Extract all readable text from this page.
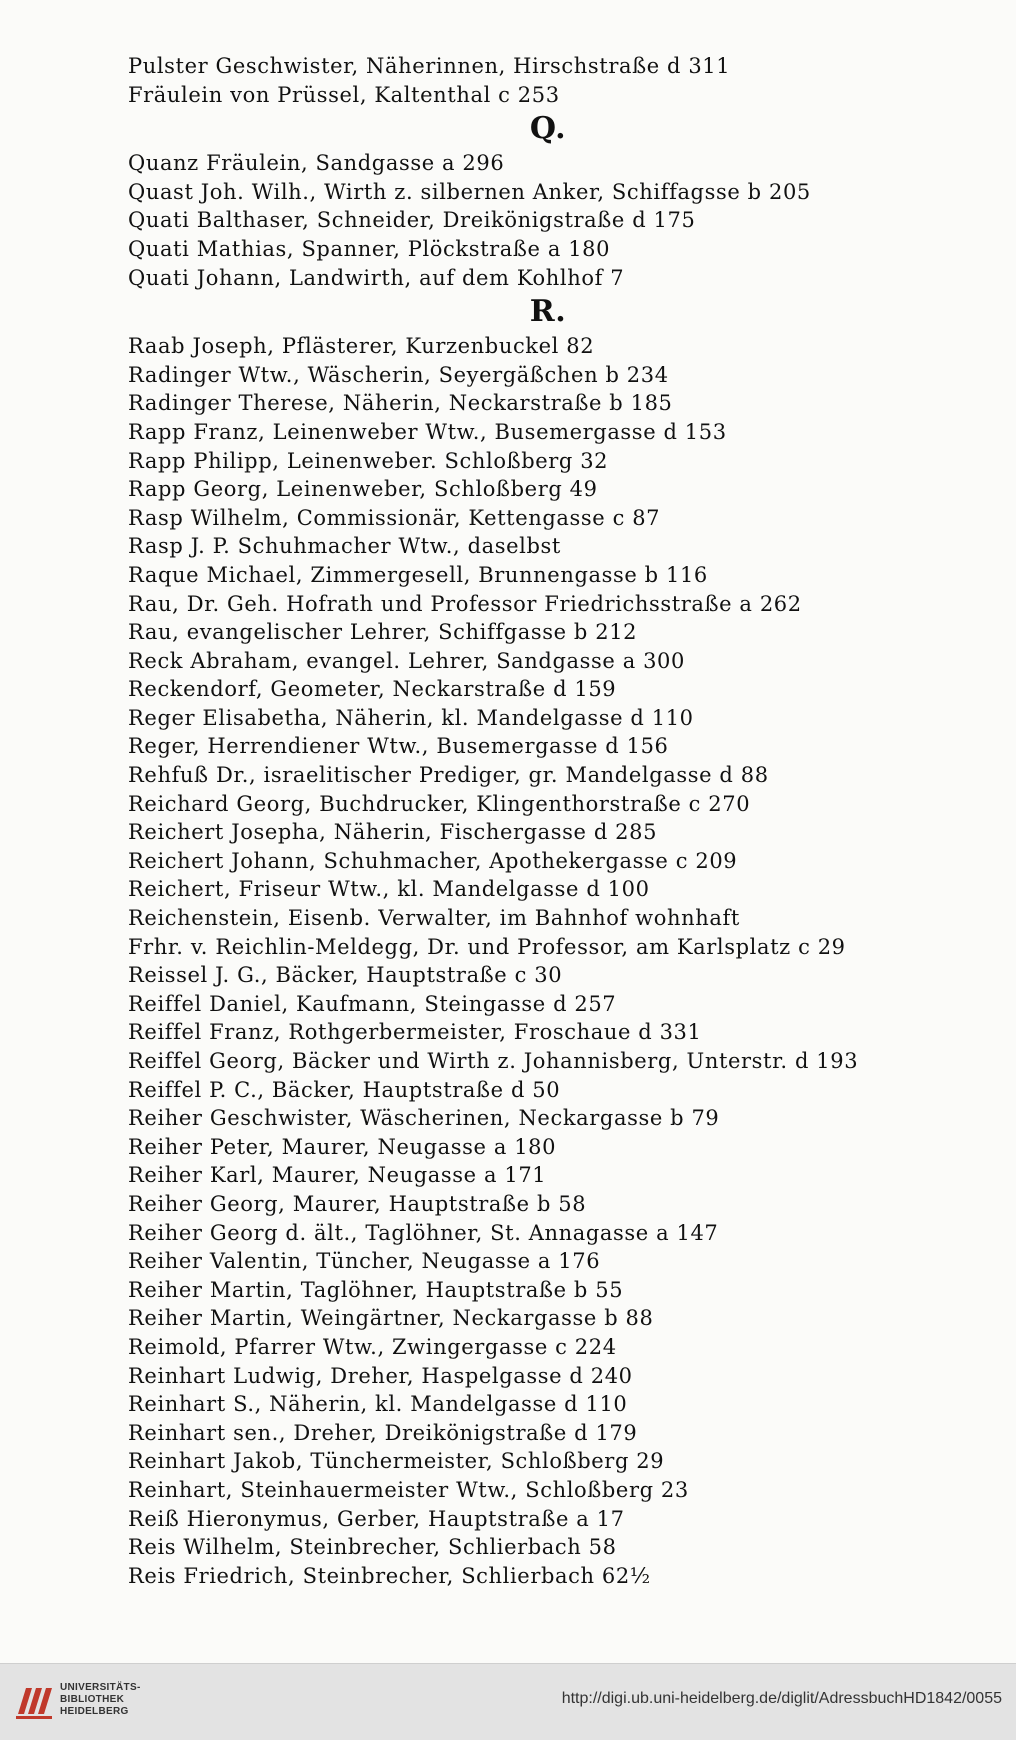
Pulster Geschwister, Näherinnen, Hirschstraße d 311
Fräulein von Prüssel, Kaltenthal c 253
Q.
Quanz Fräulein, Sandgasse a 296
Quast Joh. Wilh., Wirth z. silbernen Anker, Schiffagsse b 205
Quati Balthaser, Schneider, Dreikönigstraße d 175
Quati Mathias, Spanner, Plöckstraße a 180
Quati Johann, Landwirth, auf dem Kohlhof 7
R.
Raab Joseph, Pflästerer, Kurzenbuckel 82
Radinger Wtw., Wäscherin, Seyergäßchen b 234
Radinger Therese, Näherin, Neckarstraße b 185
Rapp Franz, Leinenweber Wtw., Busemergasse d 153
Rapp Philipp, Leinenweber. Schloßberg 32
Rapp Georg, Leinenweber, Schloßberg 49
Rasp Wilhelm, Commissionär, Kettengasse c 87
Rasp J. P. Schuhmacher Wtw., daselbst
Raque Michael, Zimmergesell, Brunnengasse b 116
Rau, Dr. Geh. Hofrath und Professor Friedrichsstraße a 262
Rau, evangelischer Lehrer, Schiffgasse b 212
Reck Abraham, evangel. Lehrer, Sandgasse a 300
Reckendorf, Geometer, Neckarstraße d 159
Reger Elisabetha, Näherin, kl. Mandelgasse d 110
Reger, Herrendiener Wtw., Busemergasse d 156
Rehfuß Dr., israelitischer Prediger, gr. Mandelgasse d 88
Reichard Georg, Buchdrucker, Klingenthorstraße c 270
Reichert Josepha, Näherin, Fischergasse d 285
Reichert Johann, Schuhmacher, Apothekergasse c 209
Reichert, Friseur Wtw., kl. Mandelgasse d 100
Reichenstein, Eisenb. Verwalter, im Bahnhof wohnhaft
Frhr. v. Reichlin-Meldegg, Dr. und Professor, am Karlsplatz c 29
Reissel J. G., Bäcker, Hauptstraße c 30
Reiffel Daniel, Kaufmann, Steingasse d 257
Reiffel Franz, Rothgerbermeister, Froschaue d 331
Reiffel Georg, Bäcker und Wirth z. Johannisberg, Unterstr. d 193
Reiffel P. C., Bäcker, Hauptstraße d 50
Reiher Geschwister, Wäscherinen, Neckargasse b 79
Reiher Peter, Maurer, Neugasse a 180
Reiher Karl, Maurer, Neugasse a 171
Reiher Georg, Maurer, Hauptstraße b 58
Reiher Georg d. ält., Taglöhner, St. Annagasse a 147
Reiher Valentin, Tüncher, Neugasse a 176
Reiher Martin, Taglöhner, Hauptstraße b 55
Reiher Martin, Weingärtner, Neckargasse b 88
Reimold, Pfarrer Wtw., Zwingergasse c 224
Reinhart Ludwig, Dreher, Haspelgasse d 240
Reinhart S., Näherin, kl. Mandelgasse d 110
Reinhart sen., Dreher, Dreikönigstraße d 179
Reinhart Jakob, Tünchermeister, Schloßberg 29
Reinhart, Steinhauermeister Wtw., Schloßberg 23
Reiß Hieronymus, Gerber, Hauptstraße a 17
Reis Wilhelm, Steinbrecher, Schlierbach 58
Reis Friedrich, Steinbrecher, Schlierbach 62½
UNIVERSITÄTS-
BIBLIOTHEK
HEIDELBERG
http://digi.ub.uni-heidelberg.de/diglit/AdressbuchHD1842/0055
